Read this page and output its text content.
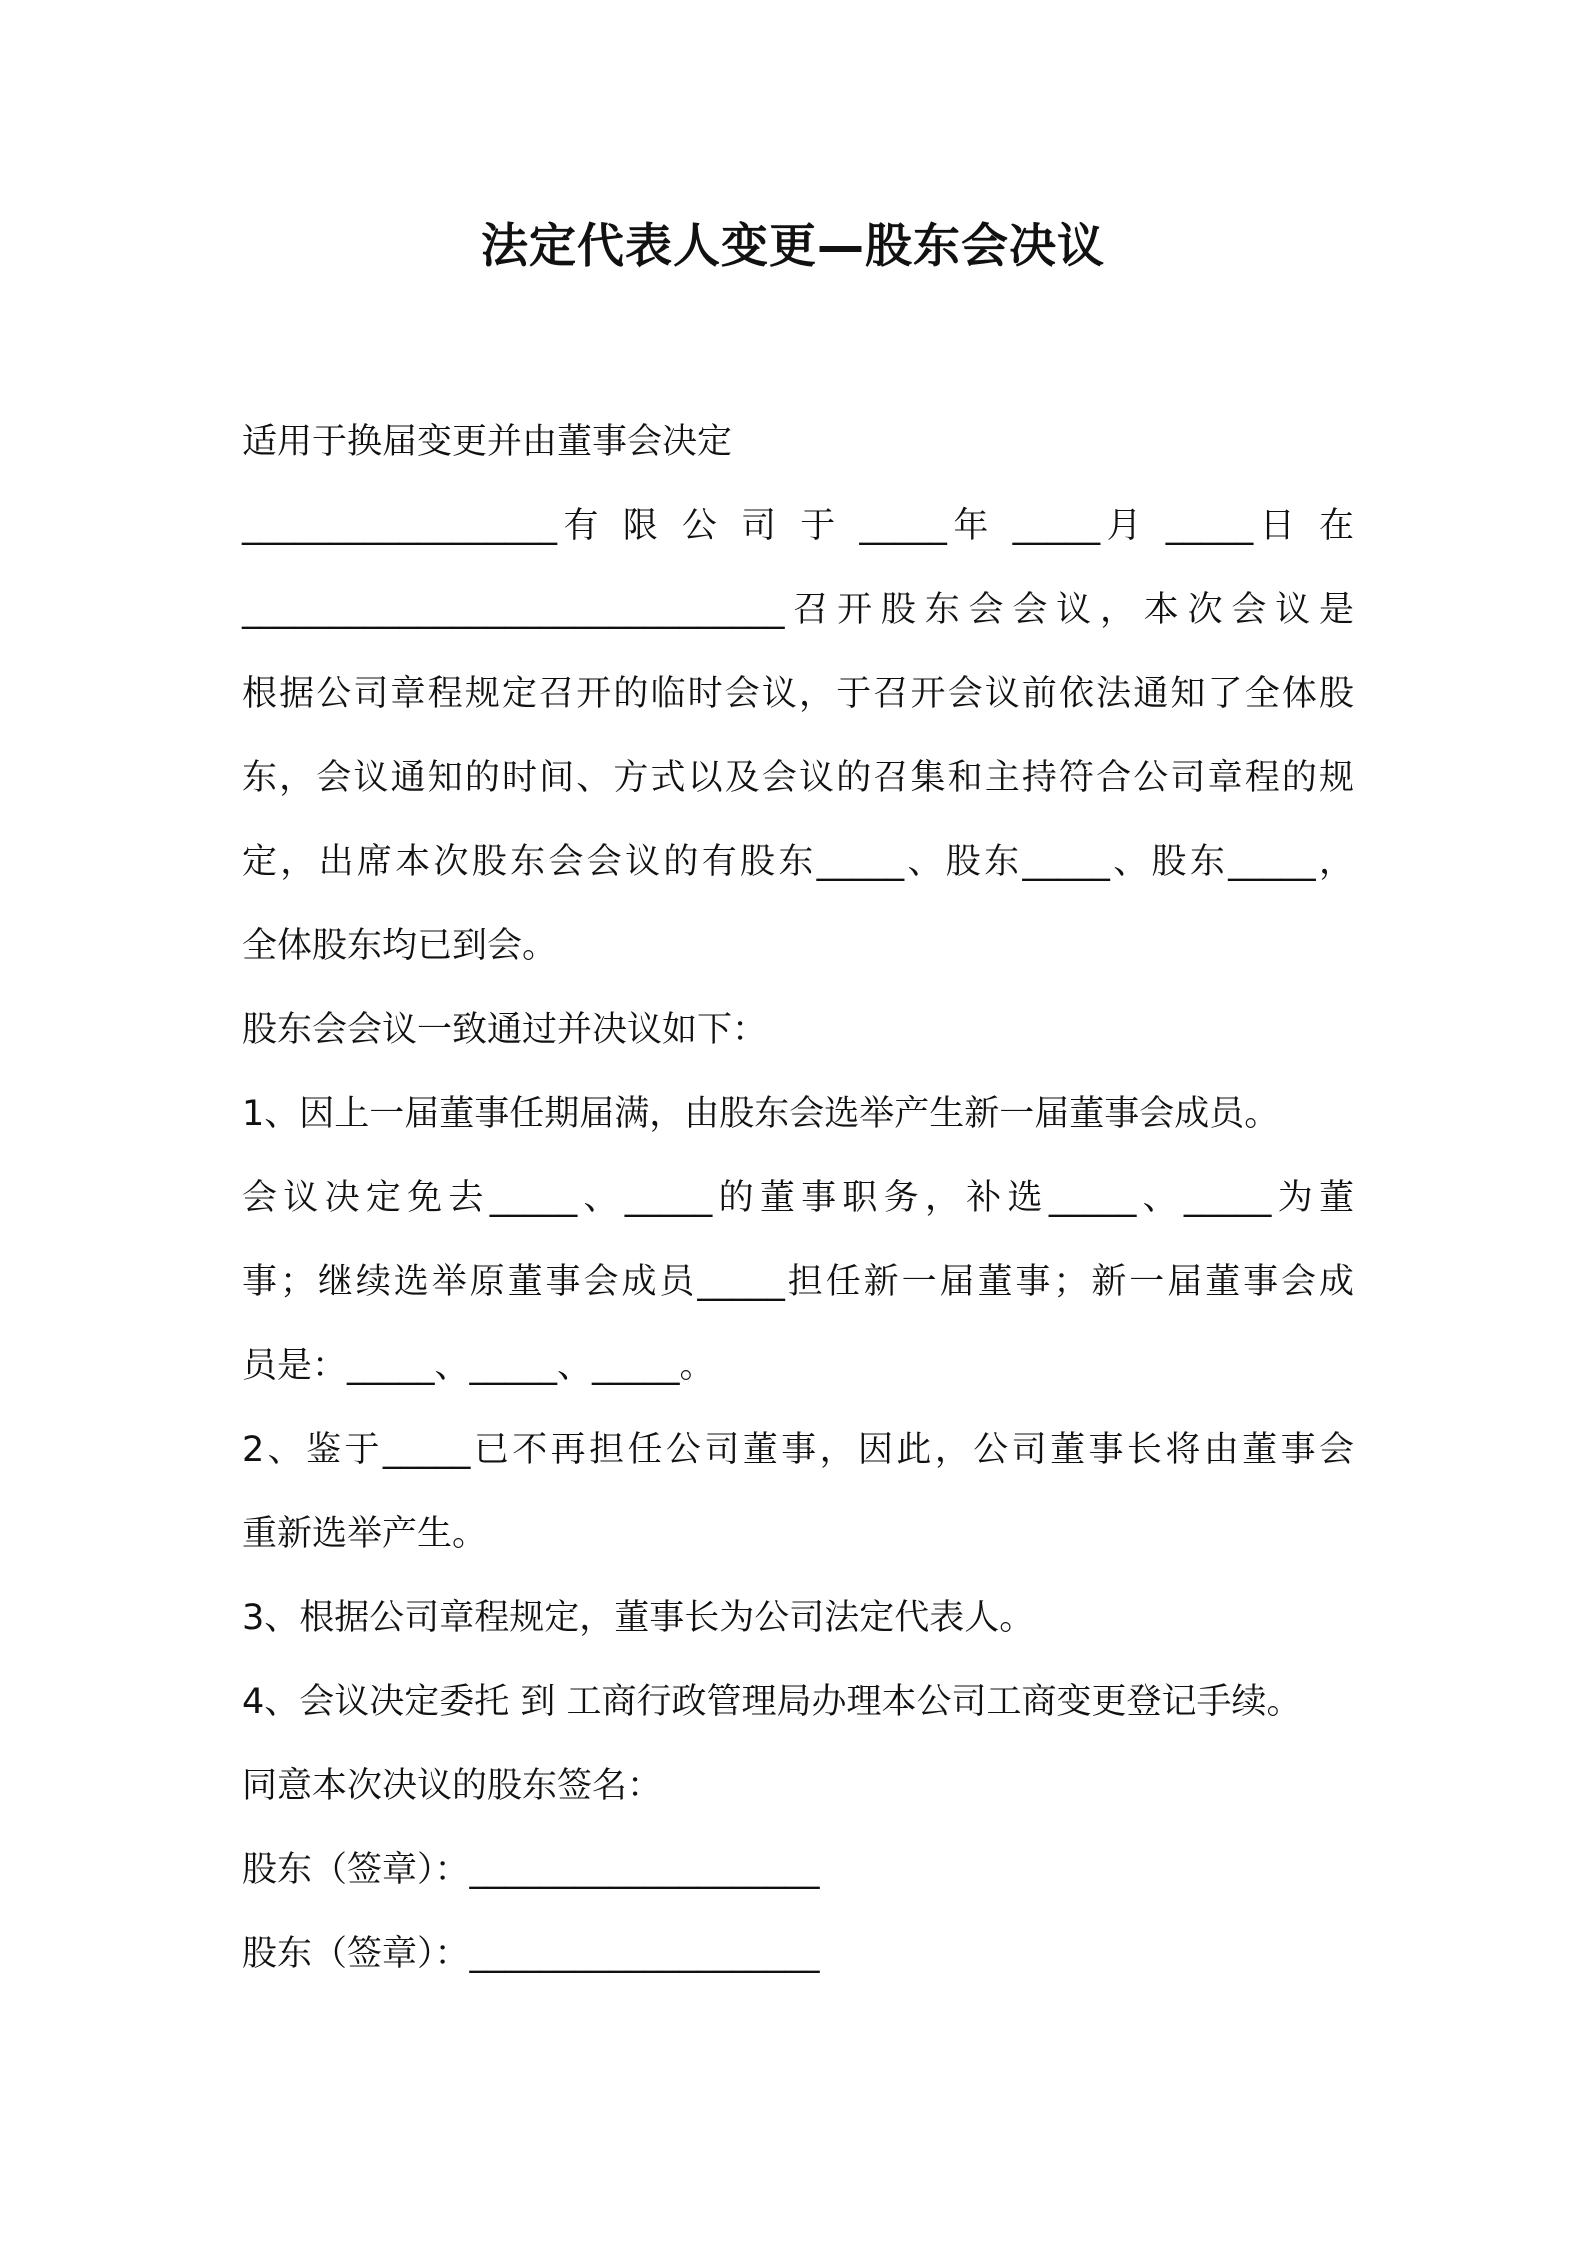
法定代表人变更—股东会决议
适用于换届变更并由董事会决定
__________________有 限 公 司 于 _____年 _____月 _____日 在
_______________________________召开股东会会议，本次会议是
根据公司章程规定召开的临时会议，于召开会议前依法通知了全体股
东，会议通知的时间、方式以及会议的召集和主持符合公司章程的规
定，出席本次股东会会议的有股东_____、股东_____、股东_____，
全体股东均已到会。
股东会会议一致通过并决议如下：
1、因上一届董事任期届满，由股东会选举产生新一届董事会成员。
会议决定免去_____、_____的董事职务，补选_____、_____为董
事；继续选举原董事会成员_____担任新一届董事；新一届董事会成
员是：_____、_____、_____。
2、鉴于_____已不再担任公司董事，因此，公司董事长将由董事会
重新选举产生。
3、根据公司章程规定，董事长为公司法定代表人。
4、会议决定委托 到 工商行政管理局办理本公司工商变更登记手续。
同意本次决议的股东签名：
股东（签章）：____________________
股东（签章）：____________________
